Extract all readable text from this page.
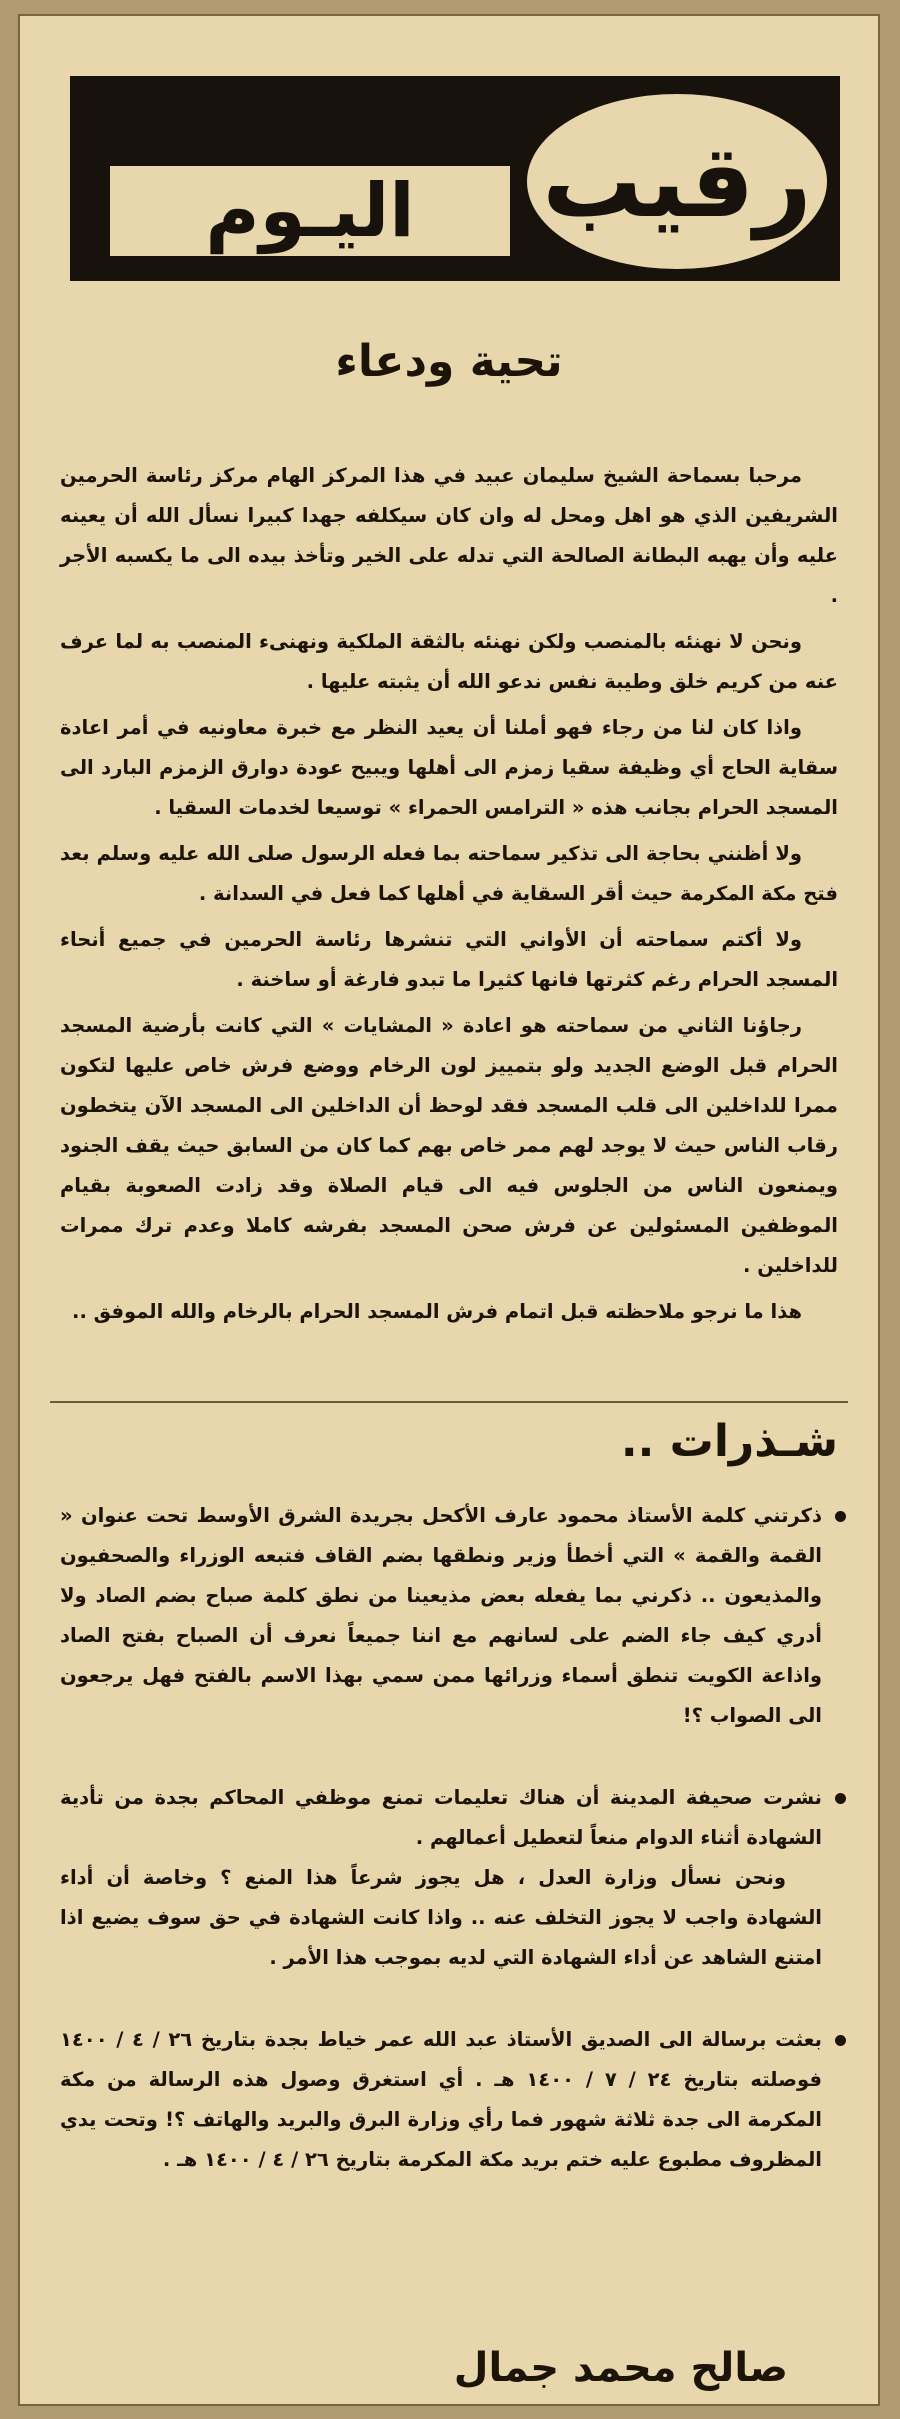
رقيب
اليـوم
تحية ودعاء

مرحبا بسماحة الشيخ سليمان عبيد في هذا المركز الهام مركز رئاسة الحرمين الشريفين الذي هو اهل ومحل له وان كان سيكلفه جهدا كبيرا نسأل الله أن يعينه عليه وأن يهبه البطانة الصالحة التي تدله على الخير وتأخذ بيده الى ما يكسبه الأجر .

ونحن لا نهنئه بالمنصب ولكن نهنئه بالثقة الملكية ونهنىء المنصب به لما عرف عنه من كريم خلق وطيبة نفس ندعو الله أن يثبته عليها .

واذا كان لنا من رجاء فهو أملنا أن يعيد النظر مع خبرة معاونيه في أمر اعادة سقاية الحاج أي وظيفة سقيا زمزم الى أهلها ويبيح عودة دوارق الزمزم البارد الى المسجد الحرام بجانب هذه « الترامس الحمراء » توسيعا لخدمات السقيا .

ولا أظنني بحاجة الى تذكير سماحته بما فعله الرسول صلى الله عليه وسلم بعد فتح مكة المكرمة حيث أقر السقاية في أهلها كما فعل في السدانة .

ولا أكتم سماحته أن الأواني التي تنشرها رئاسة الحرمين في جميع أنحاء المسجد الحرام رغم كثرتها فانها كثيرا ما تبدو فارغة أو ساخنة .

رجاؤنا الثاني من سماحته هو اعادة « المشايات » التي كانت بأرضية المسجد الحرام قبل الوضع الجديد ولو بتمييز لون الرخام ووضع فرش خاص عليها لتكون ممرا للداخلين الى قلب المسجد فقد لوحظ أن الداخلين الى المسجد الآن يتخطون رقاب الناس حيث لا يوجد لهم ممر خاص بهم كما كان من السابق حيث يقف الجنود ويمنعون الناس من الجلوس فيه الى قيام الصلاة وقد زادت الصعوبة بقيام الموظفين المسئولين عن فرش صحن المسجد بفرشه كاملا وعدم ترك ممرات للداخلين .

هذا ما نرجو ملاحظته قبل اتمام فرش المسجد الحرام بالرخام والله الموفق ..

شـذرات ..

ذكرتني كلمة الأستاذ محمود عارف الأكحل بجريدة الشرق الأوسط تحت عنوان « القمة والقمة » التي أخطأ وزير ونطقها بضم القاف فتبعه الوزراء والصحفيون والمذيعون .. ذكرني بما يفعله بعض مذيعينا من نطق كلمة صباح بضم الصاد ولا أدري كيف جاء الضم على لسانهم مع اننا جميعاً نعرف أن الصباح بفتح الصاد واذاعة الكويت تنطق أسماء وزرائها ممن سمي بهذا الاسم بالفتح فهل يرجعون الى الصواب ؟!

نشرت صحيفة المدينة أن هناك تعليمات تمنع موظفي المحاكم بجدة من تأدية الشهادة أثناء الدوام منعاً لتعطيل أعمالهم .

ونحن نسأل وزارة العدل ، هل يجوز شرعاً هذا المنع ؟ وخاصة أن أداء الشهادة واجب لا يجوز التخلف عنه .. واذا كانت الشهادة في حق سوف يضيع اذا امتنع الشاهد عن أداء الشهادة التي لديه بموجب هذا الأمر .

بعثت برسالة الى الصديق الأستاذ عبد الله عمر خياط بجدة بتاريخ ٢٦ / ٤ / ١٤٠٠ فوصلته بتاريخ ٢٤ / ٧ / ١٤٠٠ هـ . أي استغرق وصول هذه الرسالة من مكة المكرمة الى جدة ثلاثة شهور فما رأي وزارة البرق والبريد والهاتف ؟! وتحت يدي المظروف مطبوع عليه ختم بريد مكة المكرمة بتاريخ ٢٦ / ٤ / ١٤٠٠ هـ .

صالح محمد جمال
